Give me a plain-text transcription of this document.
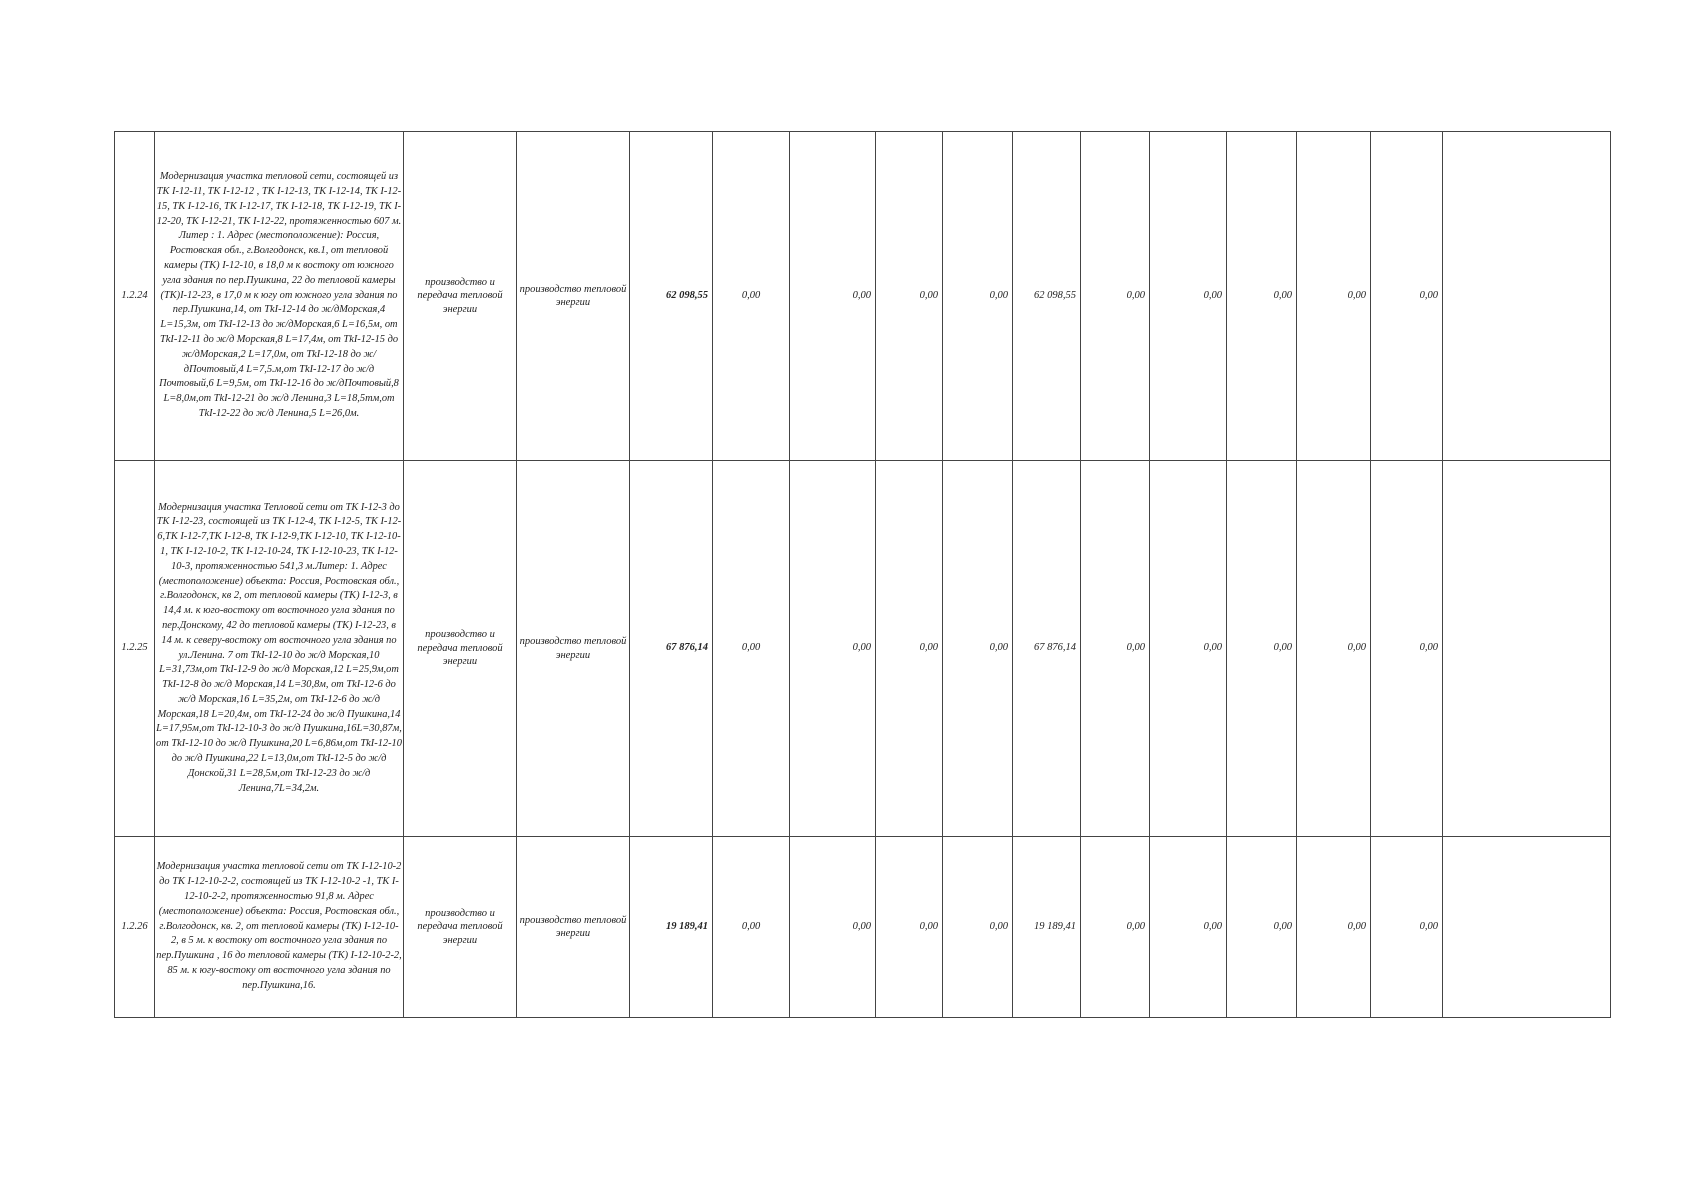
1.2.24	Модернизация участка тепловой сети, состоящей из ТК I-12-11, ТК I-12-12 , ТК I-12-13, ТК I-12-14, ТК I-12-15, ТК I-12-16, ТК I-12-17, ТК I-12-18, ТК I-12-19, ТК I-12-20, ТК I-12-21, ТК I-12-22, протяженностью 607 м. Литер : 1. Адрес (местоположение): Россия, Ростовская обл., г.Волгодонск, кв.1, от тепловой камеры (ТК) I-12-10, в 18,0 м к востоку от южного угла здания по пер.Пушкина, 22 до тепловой камеры (ТК)I-12-23, в 17,0 м к югу от южного угла здания по пер.Пушкина,14, от TkI-12-14 до ж/дМорская,4 L=15,3м, от TkI-12-13 до ж/дМорская,6 L=16,5м, от TkI-12-11 до ж/д Морская,8 L=17,4м, от TkI-12-15 до ж/дМорская,2 L=17,0м, от TkI-12-18 до ж/дПочтовый,4 L=7,5.м,от TkI-12-17 до ж/д Почтовый,6 L=9,5м, от TkI-12-16 до ж/дПочтовый,8 L=8,0м,от TkI-12-21 до ж/д Ленина,3 L=18,5тм,от TkI-12-22 до ж/д Ленина,5 L=26,0м.	производство и передача тепловой энергии	производство тепловой энергии	62 098,55	0,00	0,00	0,00	0,00	62 098,55	0,00	0,00	0,00	0,00	0,00	
1.2.25	Модернизация участка Тепловой сети от ТК I-12-3 до ТК I-12-23, состоящей из ТК I-12-4, ТК I-12-5, ТК I-12-6,ТК I-12-7,ТК I-12-8, ТК I-12-9,ТК I-12-10, ТК I-12-10-1, ТК I-12-10-2, ТК I-12-10-24, ТК I-12-10-23, ТК I-12-10-3, протяженностью 541,3 м.Литер: 1. Адрес (местоположение) объекта: Россия, Ростовская обл., г.Волгодонск, кв 2, от тепловой камеры (ТК) I-12-3, в 14,4 м. к юго-востоку от восточного угла здания по пер.Донскому, 42 до тепловой камеры (ТК) I-12-23, в 14 м. к северу-востоку от восточного угла здания по ул.Ленина. 7 от TkI-12-10 до ж/д Морская,10 L=31,73м,от TkI-12-9 до ж/д Морская,12 L=25,9м,от TkI-12-8 до ж/д Морская,14 L=30,8м, от TkI-12-6 до ж/д Морская,16 L=35,2м, от TkI-12-6 до ж/д Морская,18 L=20,4м, от TkI-12-24 до ж/д Пушкина,14 L=17,95м,от TkI-12-10-3 до ж/д Пушкина,16L=30,87м, от TkI-12-10 до ж/д Пушкина,20 L=6,86м,от TkI-12-10 до ж/д Пушкина,22 L=13,0м,от TkI-12-5 до ж/д Донской,31 L=28,5м,от TkI-12-23 до ж/д Ленина,7L=34,2м.	производство и передача тепловой энергии	производство тепловой энергии	67 876,14	0,00	0,00	0,00	0,00	67 876,14	0,00	0,00	0,00	0,00	0,00	
1.2.26	Модернизация участка тепловой сети от ТК I-12-10-2 до ТК I-12-10-2-2, состоящей из ТК I-12-10-2 -1, ТК I-12-10-2-2, протяженностью 91,8 м. Адрес (местоположение) объекта: Россия, Ростовская обл., г.Волгодонск, кв. 2, от тепловой камеры (ТК) I-12-10-2, в 5 м. к востоку от восточного угла здания по пер.Пушкина , 16 до тепловой камеры (ТК) I-12-10-2-2, 85 м. к югу-востоку от восточного угла здания по пер.Пушкина,16.	производство и передача тепловой энергии	производство тепловой энергии	19 189,41	0,00	0,00	0,00	0,00	19 189,41	0,00	0,00	0,00	0,00	0,00	
